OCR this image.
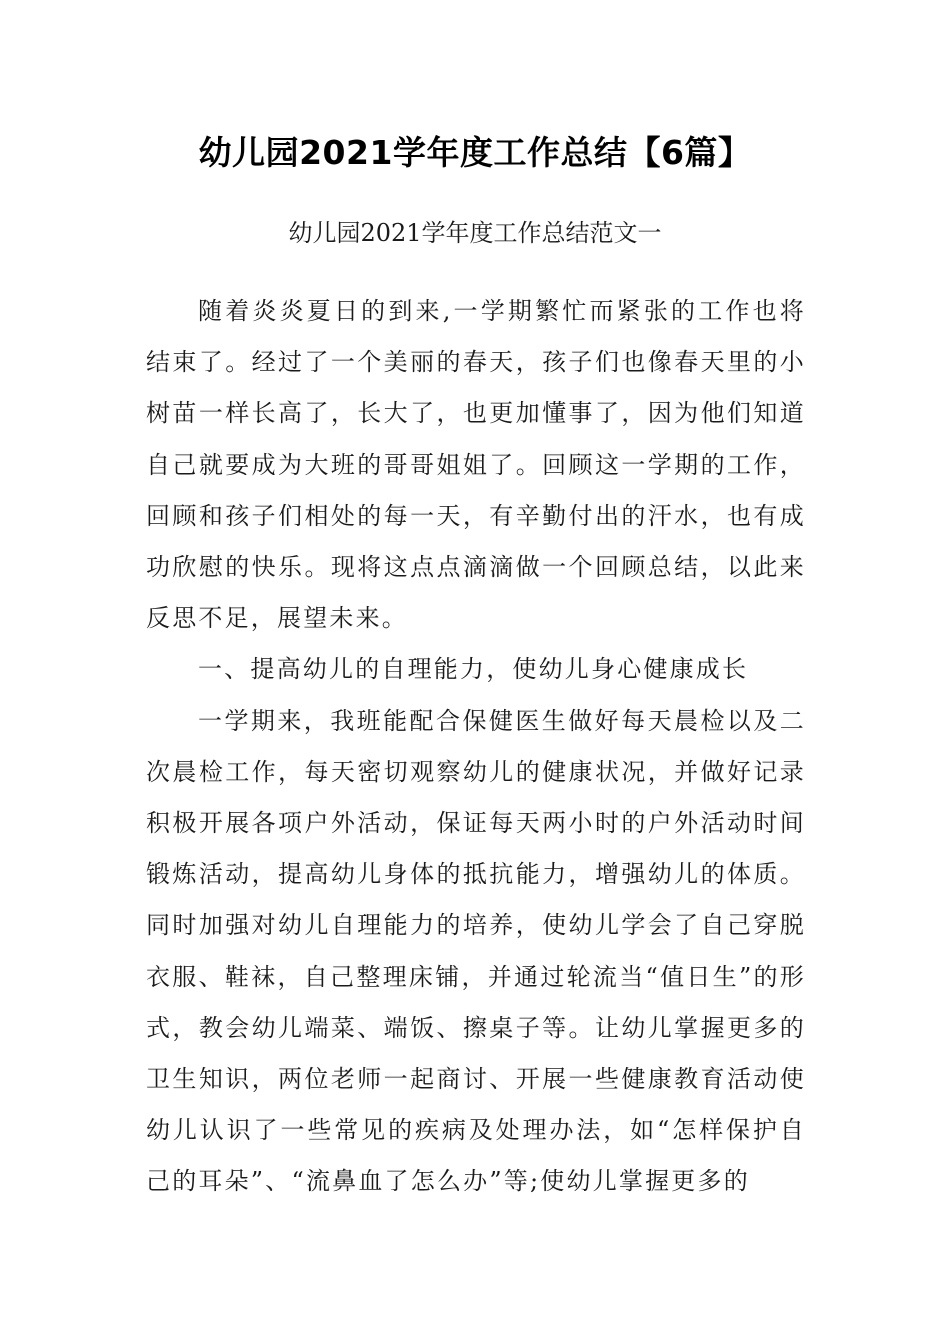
幼儿园2021学年度工作总结【6篇】
幼儿园2021学年度工作总结范文一

随着炎炎夏日的到来,一学期繁忙而紧张的工作也将结束了。经过了一个美丽的春天，孩子们也像春天里的小树苗一样长高了，长大了，也更加懂事了，因为他们知道自己就要成为大班的哥哥姐姐了。回顾这一学期的工作，回顾和孩子们相处的每一天，有辛勤付出的汗水，也有成功欣慰的快乐。现将这点点滴滴做一个回顾总结，以此来反思不足，展望未来。

一、提高幼儿的自理能力，使幼儿身心健康成长

一学期来，我班能配合保健医生做好每天晨检以及二次晨检工作，每天密切观察幼儿的健康状况，并做好记录积极开展各项户外活动，保证每天两小时的户外活动时间锻炼活动，提高幼儿身体的抵抗能力，增强幼儿的体质。同时加强对幼儿自理能力的培养，使幼儿学会了自己穿脱衣服、鞋袜，自己整理床铺，并通过轮流当“值日生”的形式，教会幼儿端菜、端饭、擦桌子等。让幼儿掌握更多的卫生知识，两位老师一起商讨、开展一些健康教育活动使幼儿认识了一些常见的疾病及处理办法，如“怎样保护自己的耳朵”、“流鼻血了怎么办”等;使幼儿掌握更多的
